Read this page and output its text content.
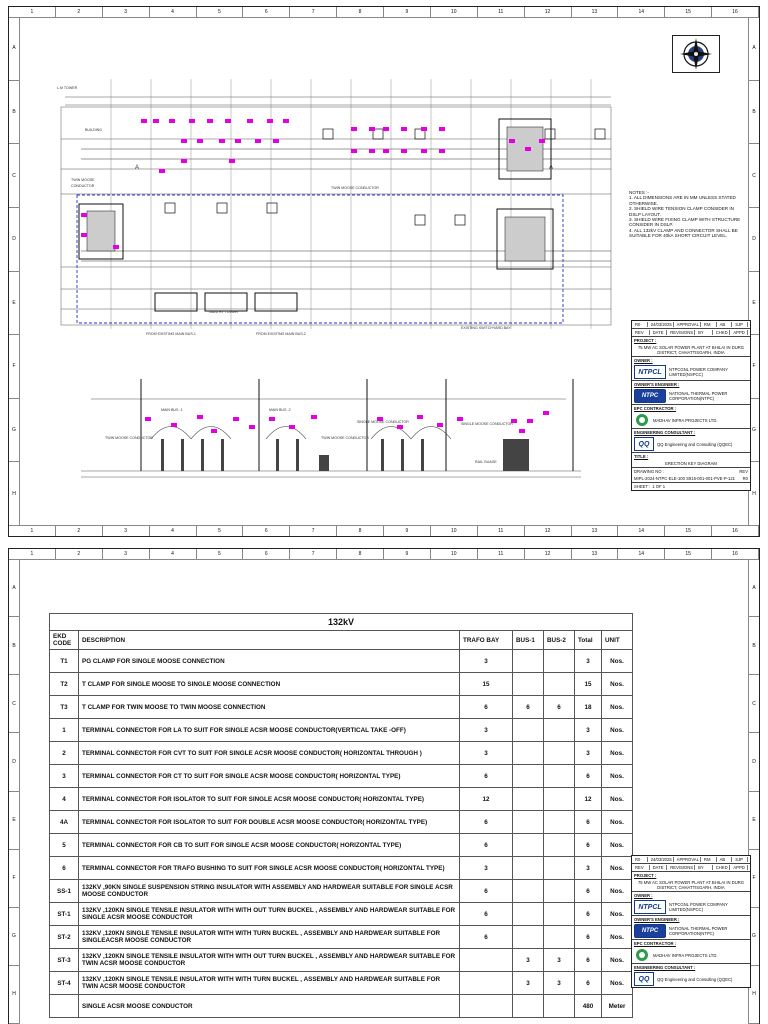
1	2	3	4	5	6	7	8	9	10	11	12	13	14	15	16
1	2	3	4	5	6	7	8	9	10	11	12	13	14	15	16
A
B
C
D
E
F
G
H
A
B
C
D
E
F
G
H
L.M TOWER
BUILDING
TWIN MOOSE
CONDUCTOR	TWIN MOOSE CONDUCTOR
GANTRY TOWER
EXISTING SWITCHYARD BAY
FROM EXISTING MAIN BUS-1	FROM EXISTING MAIN BUS-2
MAIN BUS -1	MAIN BUS -2
SINGLE MOOSE CONDUCTOR	SINGLE MOOSE CONDUCTOR
TWIN MOOSE CONDUCTOR	TWIN MOOSE CONDUCTOR
RAIL GUAGE
A	A
NOTES :-
1. ALL DIMENSIONS ARE IN MM UNLESS STATED OTHERWISE.
2. SHIELD WIRE TENSION CLAMP CONSIDER IN DSLP LAYOUT.
3. SHIELD WIRE FIXING CLAMP WITH STRUCTURE CONSIDER IN DSLP.
4. ALL 132kV CLAMP AND CONNECTOR SHALL BE SUITABLE FOR 40kA SHORT CIRCUIT LEVEL.
R0	24/03/2025	APPROVAL	RM	AB	SJP
REV	DATE	REVISIONS	BY	CHKD	APPD
PROJECT :
75 MW AC SOLAR POWER PLANT AT BHILAI IN DURG DISTRICT, CHHATTISGARH, INDIA
OWNER :
NTPCL	NTPCGNL POWER COMPANY LIMITED(NSPCC)
OWNER'S ENGINEER :
NTPC	NATIONAL THERMAL POWER CORPORATION(NTPC)
EPC CONTRACTOR :
MADHAV INFRA PROJECTS LTD.
ENGINEERING CONSULTANT :
QQ	QQ Engineering and Consulting (QQEC)
TITLE :
ERECTION KEY DIAGRAM
DRAWING NO :	REV
MIPL-2024-NTPC-ELE-100 S915-001-001-PVE-P-121 R0
SHEET : 1 OF 1
1	2	3	4	5	6	7	8	9	10	11	12	13	14	15	16
A
B
C
D
E
F
G
H
A
B
C
D
E
F
G
H
132kV						
EKD CODE	DESCRIPTION	TRAFO BAY	BUS-1	BUS-2	Total	UNIT
T1	PG CLAMP FOR SINGLE MOOSE CONNECTION	3			3	Nos.
T2	T CLAMP FOR SINGLE MOOSE TO SINGLE MOOSE CONNECTION	15			15	Nos.
T3	T CLAMP FOR TWIN MOOSE TO TWIN MOOSE CONNECTION	6	6	6	18	Nos.
1	TERMINAL CONNECTOR FOR LA TO SUIT FOR SINGLE ACSR MOOSE CONDUCTOR(VERTICAL TAKE -OFF)	3			3	Nos.
2	TERMINAL CONNECTOR FOR CVT TO SUIT FOR SINGLE ACSR MOOSE CONDUCTOR( HORIZONTAL THROUGH )	3			3	Nos.
3	TERMINAL CONNECTOR FOR CT TO SUIT FOR SINGLE ACSR MOOSE CONDUCTOR( HORIZONTAL TYPE)	6			6	Nos.
4	TERMINAL CONNECTOR FOR ISOLATOR TO SUIT FOR SINGLE ACSR MOOSE CONDUCTOR( HORIZONTAL TYPE)	12			12	Nos.
4A	TERMINAL CONNECTOR FOR ISOLATOR TO SUIT FOR DOUBLE ACSR MOOSE CONDUCTOR( HORIZONTAL TYPE)	6			6	Nos.
5	TERMINAL CONNECTOR FOR CB TO SUIT FOR SINGLE ACSR MOOSE CONDUCTOR( HORIZONTAL TYPE)	6			6	Nos.
6	TERMINAL CONNECTOR FOR TRAFO BUSHING TO SUIT FOR SINGLE ACSR MOOSE CONDUCTOR( HORIZONTAL TYPE)	3			3	Nos.
SS-1	132KV ,90KN SINGLE SUSPENSION STRING INSULATOR WITH ASSEMBLY AND HARDWEAR SUITABLE FOR SINGLE ACSR MOOSE CONDUCTOR	6			6	Nos.
ST-1	132KV ,120KN SINGLE TENSILE INSULATOR WITH WITH OUT TURN BUCKEL , ASSEMBLY AND HARDWEAR SUITABLE FOR SINGLE ACSR MOOSE CONDUCTOR	6			6	Nos.
ST-2	132KV ,120KN SINGLE TENSILE INSULATOR WITH WITH TURN BUCKEL , ASSEMBLY AND HARDWEAR SUITABLE FOR SINGLEACSR MOOSE CONDUCTOR	6			6	Nos.
ST-3	132KV ,120KN SINGLE TENSILE INSULATOR WITH WITH OUT TURN BUCKEL , ASSEMBLY AND HARDWEAR SUITABLE FOR TWIN ACSR MOOSE CONDUCTOR		3	3	6	Nos.
ST-4	132KV ,120KN SINGLE TENSILE INSULATOR WITH WITH TURN BUCKEL , ASSEMBLY AND HARDWEAR SUITABLE FOR TWIN ACSR MOOSE CONDUCTOR		3	3	6	Nos.
	SINGLE ACSR MOOSE CONDUCTOR				480	Meter
R0	24/03/2025	APPROVAL	RM	AB	SJP
REV	DATE	REVISIONS	BY	CHKD	APPD
PROJECT :
75 MW AC SOLAR POWER PLANT AT BHILAI IN DURG DISTRICT, CHHATTISGARH, INDIA
OWNER :
NTPCL	NTPCGNL POWER COMPANY LIMITED(NSPCC)
OWNER'S ENGINEER :
NTPC	NATIONAL THERMAL POWER CORPORATION(NTPC)
EPC CONTRACTOR :
MADHAV INFRA PROJECTS LTD.
ENGINEERING CONSULTANT :
QQ	QQ Engineering and Consulting (QQEC)
